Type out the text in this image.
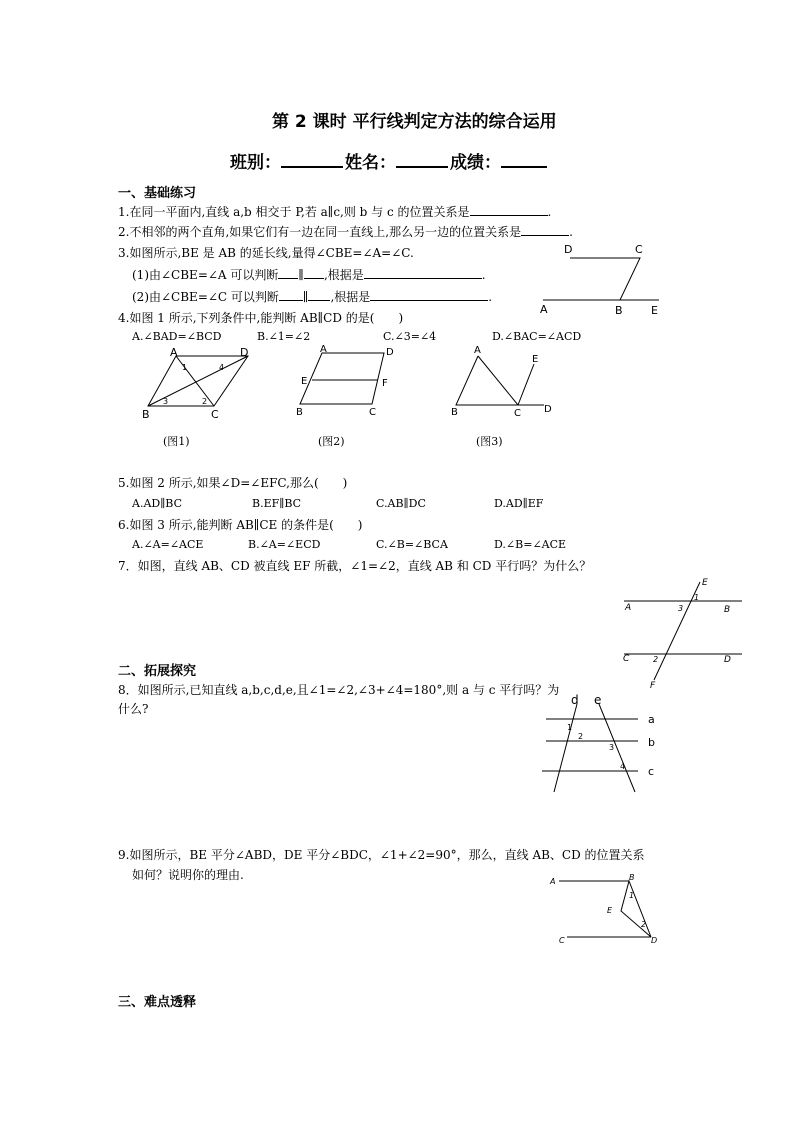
第 2 课时 平行线判定方法的综合运用
班别：	姓名：	成绩：
一、基础练习
1.在同一平面内,直线 a,b 相交于 P,若 a∥c,则 b 与 c 的位置关系是	.
2.不相邻的两个直角,如果它们有一边在同一直线上,那么另一边的位置关系是	.
3.如图所示,BE 是 AB 的延长线,量得∠CBE=∠A=∠C.
(1)由∠CBE=∠A 可以判断 ∥ ,根据是	.
(2)由∠CBE=∠C 可以判断 ∥ ,根据是	.
D	C
A	B	E
4.如图 1 所示,下列条件中,能判断 AB∥CD 的是(　　)
A.∠BAD=∠BCD	B.∠1=∠2	C.∠3=∠4	D.∠BAC=∠ACD
A	D
B	C
1	4
3	2
(图1)
A	D
E	F
B	C
(图2)
A
E
B	C D
(图3)
5.如图 2 所示,如果∠D=∠EFC,那么(　　)
A.AD∥BC	B.EF∥BC	C.AB∥DC	D.AD∥EF
6.如图 3 所示,能判断 AB∥CE 的条件是(　　)
A.∠A=∠ACE	B.∠A=∠ECD	C.∠B=∠BCA	D.∠B=∠ACE
7．如图，直线 AB、CD 被直线 EF 所截，∠1=∠2，直线 AB 和 CD 平行吗？为什么？
E
A	B
1
3
C	2	D
F
二、拓展探究
8．如图所示,已知直线 a,b,c,d,e,且∠1=∠2,∠3+∠4=180°,则 a 与 c 平行吗？为
什么?
d e
a
b
c
1
2
3
4
9.如图所示，BE 平分∠ABD，DE 平分∠BDC，∠1+∠2=90°，那么，直线 AB、CD 的位置关系
如何？说明你的理由.	A	B
1
E
2
C	D
三、难点透释
